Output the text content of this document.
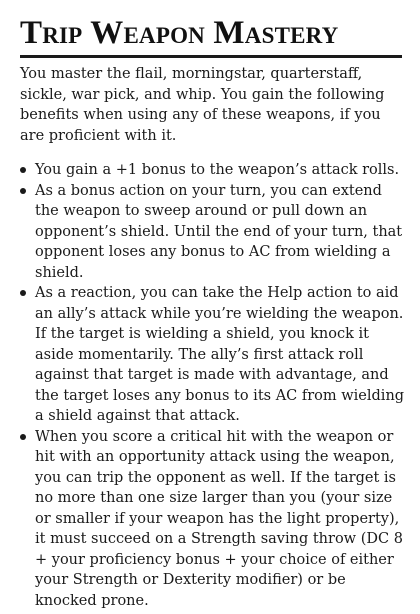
Trip Weapon Mastery

You master the flail, morningstar, quarterstaff, sickle, war pick, and whip. You gain the following benefits when using any of these weapons, if you are proficient with it.

You gain a +1 bonus to the weapon’s attack rolls.
As a bonus action on your turn, you can extend the weapon to sweep around or pull down an opponent’s shield. Until the end of your turn, that opponent loses any bonus to AC from wielding a shield.
As a reaction, you can take the Help action to aid an ally’s attack while you’re wielding the weapon. If the target is wielding a shield, you knock it aside momentarily. The ally’s first attack roll against that target is made with advantage, and the target loses any bonus to its AC from wielding a shield against that attack.
When you score a critical hit with the weapon or hit with an opportunity attack using the weapon, you can trip the opponent as well. If the target is no more than one size larger than you (your size or smaller if your weapon has the light property), it must succeed on a Strength saving throw (DC 8 + your proficiency bonus + your choice of either your Strength or Dexterity modifier) or be knocked prone.
